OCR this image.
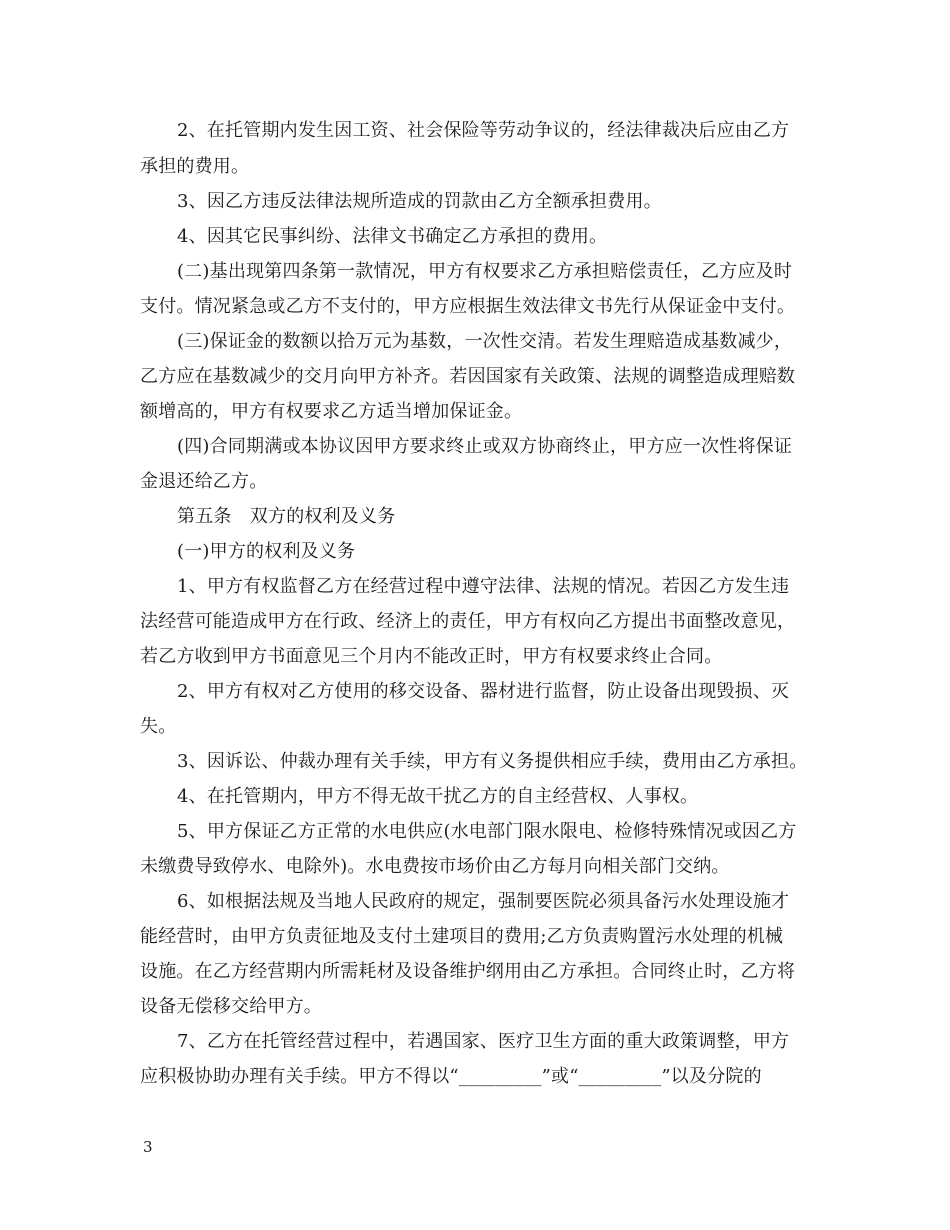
2、在托管期内发生因工资、社会保险等劳动争议的，经法律裁决后应由乙方
承担的费用。
3、因乙方违反法律法规所造成的罚款由乙方全额承担费用。
4、因其它民事纠纷、法律文书确定乙方承担的费用。
(二)基出现第四条第一款情况，甲方有权要求乙方承担赔偿责任，乙方应及时
支付。情况紧急或乙方不支付的，甲方应根据生效法律文书先行从保证金中支付。
(三)保证金的数额以拾万元为基数，一次性交清。若发生理赔造成基数减少，
乙方应在基数减少的交月向甲方补齐。若因国家有关政策、法规的调整造成理赔数
额增高的，甲方有权要求乙方适当增加保证金。
(四)合同期满或本协议因甲方要求终止或双方协商终止，甲方应一次性将保证
金退还给乙方。
第五条　双方的权利及义务
(一)甲方的权利及义务
1、甲方有权监督乙方在经营过程中遵守法律、法规的情况。若因乙方发生违
法经营可能造成甲方在行政、经济上的责任，甲方有权向乙方提出书面整改意见，
若乙方收到甲方书面意见三个月内不能改正时，甲方有权要求终止合同。
2、甲方有权对乙方使用的移交设备、器材进行监督，防止设备出现毁损、灭
失。
3、因诉讼、仲裁办理有关手续，甲方有义务提供相应手续，费用由乙方承担。
4、在托管期内，甲方不得无故干扰乙方的自主经营权、人事权。
5、甲方保证乙方正常的水电供应(水电部门限水限电、检修特殊情况或因乙方
未缴费导致停水、电除外)。水电费按市场价由乙方每月向相关部门交纳。
6、如根据法规及当地人民政府的规定，强制要医院必须具备污水处理设施才
能经营时，由甲方负责征地及支付土建项目的费用;乙方负责购置污水处理的机械
设施。在乙方经营期内所需耗材及设备维护纲用由乙方承担。合同终止时，乙方将
设备无偿移交给甲方。
7、乙方在托管经营过程中，若遇国家、医疗卫生方面的重大政策调整，甲方
应积极协助办理有关手续。甲方不得以“_________”或“_________”以及分院的
3
